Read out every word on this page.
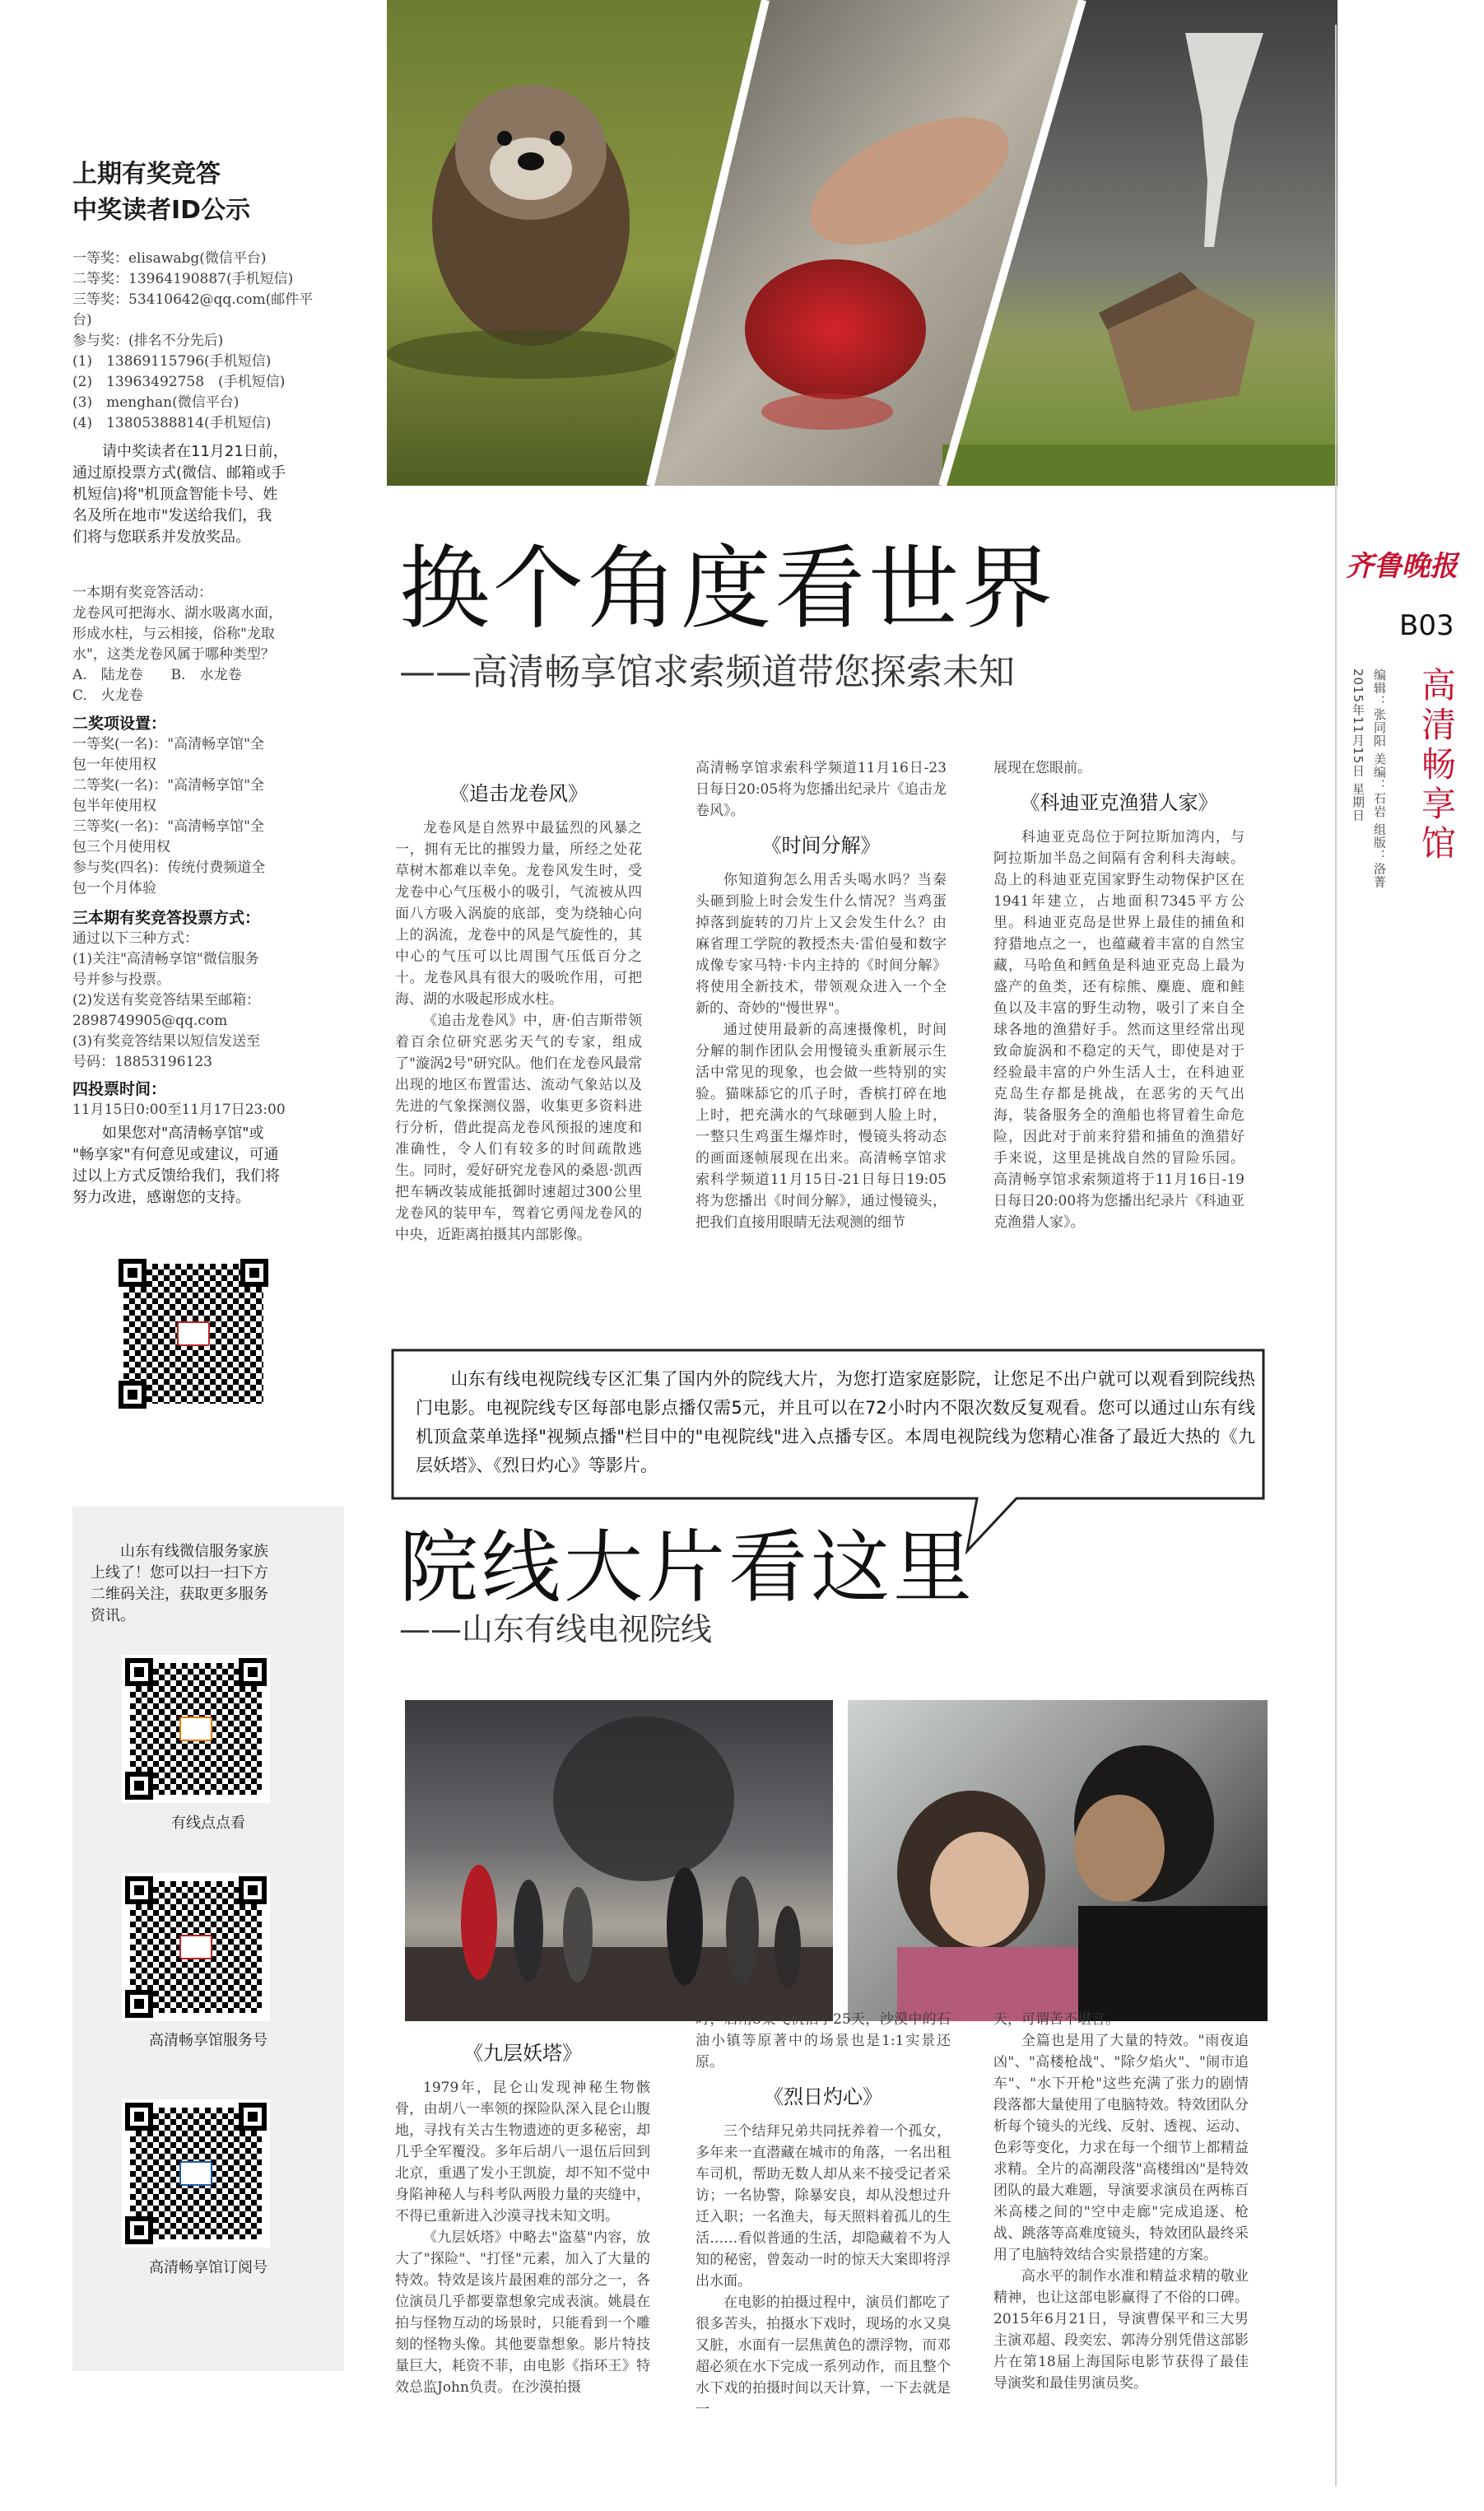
上期有奖竞答
中奖读者ID公示
一等奖：elisawabg(微信平台)
二等奖：13964190887(手机短信)
三等奖：53410642@qq.com(邮件平
台)
参与奖：(排名不分先后)
(1)　13869115796(手机短信)
(2)　13963492758　(手机短信)
(3)　menghan(微信平台)
(4)　13805388814(手机短信)
　　请中奖读者在11月21日前，
通过原投票方式(微信、邮箱或手
机短信)将"机顶盒智能卡号、姓
名及所在地市"发送给我们，我
们将与您联系并发放奖品。
一本期有奖竞答活动：
龙卷风可把海水、湖水吸离水面，
形成水柱，与云相接，俗称"龙取
水"，这类龙卷风属于哪种类型？
A.　陆龙卷　　B.　水龙卷
C.　火龙卷
二奖项设置：
一等奖(一名)："高清畅享馆"全
包一年使用权
二等奖(一名)："高清畅享馆"全
包半年使用权
三等奖(一名)："高清畅享馆"全
包三个月使用权
参与奖(四名)：传统付费频道全
包一个月体验
三本期有奖竞答投票方式：
通过以下三种方式：
(1)关注"高清畅享馆"微信服务
号并参与投票。
(2)发送有奖竞答结果至邮箱：
2898749905@qq.com
(3)有奖竞答结果以短信发送至
号码：18853196123
四投票时间：
11月15日0:00至11月17日23:00
　　如果您对"高清畅享馆"或
"畅享家"有何意见或建议，可通
过以上方式反馈给我们，我们将
努力改进，感谢您的支持。
　　山东有线微信服务家族
上线了！您可以扫一扫下方
二维码关注，获取更多服务
资讯。
有线点点看
高清畅享馆服务号
高清畅享馆订阅号
换个角度看世界
——高清畅享馆求索频道带您探索未知
《追击龙卷风》

龙卷风是自然界中最猛烈的风暴之一，拥有无比的摧毁力量，所经之处花草树木都难以幸免。龙卷风发生时，受龙卷中心气压极小的吸引，气流被从四面八方吸入涡旋的底部，变为绕轴心向上的涡流，龙卷中的风是气旋性的，其中心的气压可以比周围气压低百分之十。龙卷风具有很大的吸吮作用，可把海、湖的水吸起形成水柱。

《追击龙卷风》中，唐·伯吉斯带领着百余位研究恶劣天气的专家，组成了"漩涡2号"研究队。他们在龙卷风最常出现的地区布置雷达、流动气象站以及先进的气象探测仪器，收集更多资料进行分析，借此提高龙卷风预报的速度和准确性，令人们有较多的时间疏散逃生。同时，爱好研究龙卷风的桑恩·凯西把车辆改装成能抵御时速超过300公里龙卷风的装甲车，驾着它勇闯龙卷风的中央，近距离拍摄其内部影像。

高清畅享馆求索科学频道11月16日-23日每日20:05将为您播出纪录片《追击龙卷风》。

《时间分解》

你知道狗怎么用舌头喝水吗？当秦头砸到脸上时会发生什么情况？当鸡蛋掉落到旋转的刀片上又会发生什么？由麻省理工学院的教授杰夫·雷伯曼和数字成像专家马特·卡内主持的《时间分解》将使用全新技术，带领观众进入一个全新的、奇妙的"慢世界"。

通过使用最新的高速摄像机，时间分解的制作团队会用慢镜头重新展示生活中常见的现象，也会做一些特别的实验。猫咪舔它的爪子时，香槟打碎在地上时，把充满水的气球砸到人脸上时，一整只生鸡蛋生爆炸时，慢镜头将动态的画面逐帧展现在出来。高清畅享馆求索科学频道11月15日-21日每日19:05将为您播出《时间分解》，通过慢镜头，把我们直接用眼睛无法观测的细节

展现在您眼前。

《科迪亚克渔猎人家》

科迪亚克岛位于阿拉斯加湾内，与阿拉斯加半岛之间隔有舍利科夫海峡。岛上的科迪亚克国家野生动物保护区在1941年建立，占地面积7345平方公里。科迪亚克岛是世界上最佳的捕鱼和狩猎地点之一，也蕴藏着丰富的自然宝藏，马哈鱼和鳕鱼是科迪亚克岛上最为盛产的鱼类，还有棕熊、麋鹿、鹿和鲑鱼以及丰富的野生动物，吸引了来自全球各地的渔猎好手。然而这里经常出现致命旋涡和不稳定的天气，即使是对于经验最丰富的户外生活人士，在科迪亚克岛生存都是挑战，在恶劣的天气出海，装备服务全的渔船也将冒着生命危险，因此对于前来狩猎和捕鱼的渔猎好手来说，这里是挑战自然的冒险乐园。高清畅享馆求索频道将于11月16日-19日每日20:00将为您播出纪录片《科迪亚克渔猎人家》。

　　山东有线电视院线专区汇集了国内外的院线大片，为您打造家庭影院，让您足不出户就可以观看到院线热门电影。电视院线专区每部电影点播仅需5元，并且可以在72小时内不限次数反复观看。您可以通过山东有线机顶盒菜单选择"视频点播"栏目中的"电视院线"进入点播专区。本周电视院线为您精心准备了最近大热的《九层妖塔》、《烈日灼心》等影片。
院线大片看这里
——山东有线电视院线
《九层妖塔》

1979年，昆仑山发现神秘生物骸骨，由胡八一率领的探险队深入昆仑山腹地，寻找有关古生物遗迹的更多秘密，却几乎全军覆没。多年后胡八一退伍后回到北京，重遇了发小王凯旋，却不知不觉中身陷神秘人与科考队两股力量的夹缝中，不得已重新进入沙漠寻找未知文明。

《九层妖塔》中略去"盗墓"内容，放大了"探险"、"打怪"元素，加入了大量的特效。特效是该片最困难的部分之一，各位演员几乎都要靠想象完成表演。姚晨在拍与怪物互动的场景时，只能看到一个雕刻的怪物头像。其他要靠想象。影片特技量巨大，耗资不菲，由电影《指环王》特效总监John负责。在沙漠拍摄

时，启用5架飞机拍了25天，沙漠中的石油小镇等原著中的场景也是1:1实景还原。

《烈日灼心》

三个结拜兄弟共同抚养着一个孤女，多年来一直潜藏在城市的角落，一名出租车司机，帮助无数人却从来不接受记者采访；一名协警，除暴安良，却从没想过升迁入职；一名渔夫，每天照料着孤儿的生活……看似普通的生活，却隐藏着不为人知的秘密，曾轰动一时的惊天大案即将浮出水面。

在电影的拍摄过程中，演员们都吃了很多苦头，拍摄水下戏时，现场的水又臭又脏，水面有一层焦黄色的漂浮物，而邓超必须在水下完成一系列动作，而且整个水下戏的拍摄时间以天计算，一下去就是一

天，可谓苦不堪言。

全篇也是用了大量的特效。"雨夜追凶"、"高楼枪战"、"除夕焰火"、"闹市追车"、"水下开枪"这些充满了张力的剧情段落都大量使用了电脑特效。特效团队分析每个镜头的光线、反射、透视、运动、色彩等变化，力求在每一个细节上都精益求精。全片的高潮段落"高楼缉凶"是特效团队的最大难题，导演要求演员在两栋百米高楼之间的"空中走廊"完成追逐、枪战、跳落等高难度镜头，特效团队最终采用了电脑特效结合实景搭建的方案。

高水平的制作水准和精益求精的敬业精神，也让这部电影赢得了不俗的口碑。2015年6月21日，导演曹保平和三大男主演邓超、段奕宏、郭涛分别凭借这部影片在第18届上海国际电影节获得了最佳导演奖和最佳男演员奖。

齐鲁晚报
B03
高清畅享馆
2015年11月15日 星期日 编辑：张同阳 美编：石岩 组版：洛菁
